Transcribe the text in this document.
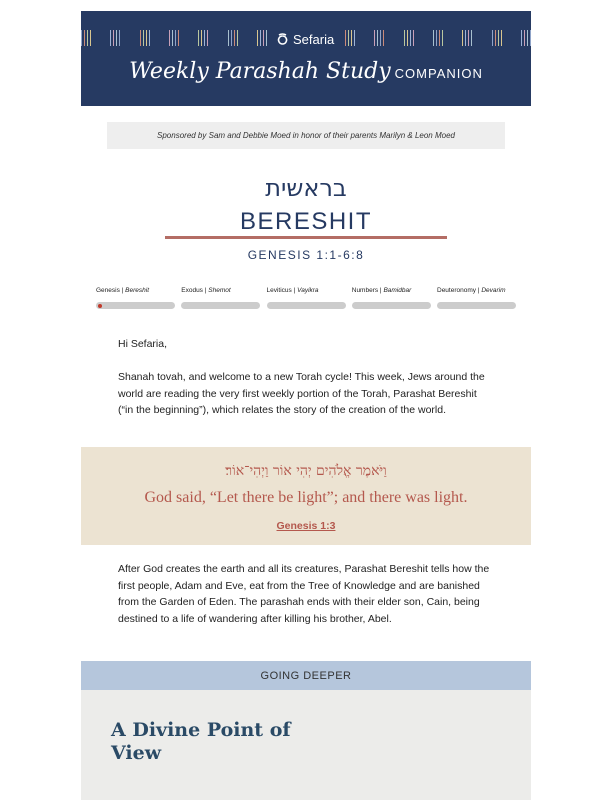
Sefaria
Weekly Parashah Study COMPANION
Sponsored by Sam and Debbie Moed in honor of their parents Marilyn & Leon Moed
בראשית
BERESHIT
GENESIS 1:1-6:8
Genesis | Bereshit	Exodus | Shemot	Leviticus | Vayikra	Numbers | Bamidbar	Deuteronomy | Devarim
Hi Sefaria,
Shanah tovah, and welcome to a new Torah cycle! This week, Jews around the world are reading the very first weekly portion of the Torah, Parashat Bereshit (“in the beginning”), which relates the story of the creation of the world.
וַיֹּאמֶר אֱלֹהִים יְהִי אוֹר וַיְהִי־אוֹר׃
God said, “Let there be light”; and there was light.
Genesis 1:3
After God creates the earth and all its creatures, Parashat Bereshit tells how the first people, Adam and Eve, eat from the Tree of Knowledge and are banished from the Garden of Eden. The parashah ends with their elder son, Cain, being destined to a life of wandering after killing his brother, Abel.
GOING DEEPER
A Divine Point of View
